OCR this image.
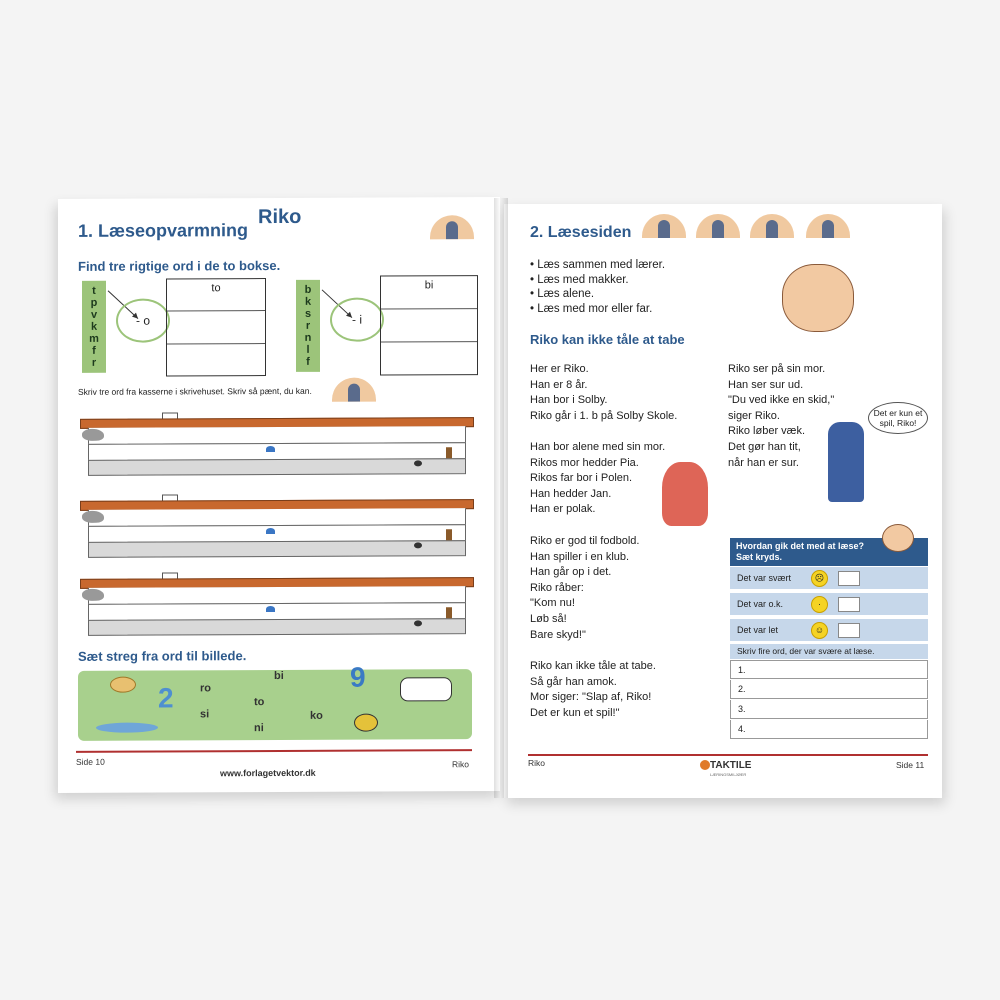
1. Læseopvarmning
Riko
Find tre rigtige ord i de to bokse.
t
p
v
k
m
f
r
- o
to	b
k
s
r
n
l
f
- i
bi
Skriv tre ord fra kasserne i skrivehuset. Skriv så pænt, du kan.
Sæt streg fra ord til billede.
2
9
ro
bi
to
si
ni
ko
Side 10
www.forlagetvektor.dk
Riko
2. Læsesiden
• Læs sammen med lærer.
• Læs med makker.
• Læs alene.
• Læs med mor eller far.
Riko kan ikke tåle at tabe
Her er Riko.
Han er 8 år.
Han bor i Solby.
Riko går i 1. b på Solby Skole.
Han bor alene med sin mor.
Rikos mor hedder Pia.
Rikos far bor i Polen.
Han hedder Jan.
Han er polak.
Riko er god til fodbold.
Han spiller i en klub.
Han går op i det.
Riko råber:
"Kom nu!
Løb så!
Bare skyd!"
Riko kan ikke tåle at tabe.
Så går han amok.
Mor siger: "Slap af, Riko!
Det er kun et spil!"
Riko ser på sin mor.
Han ser sur ud.
"Du ved ikke en skid,"
siger Riko.
Riko løber væk.
Det gør han tit,
når han er sur.
Det er kun et spil, Riko!
Hvordan gik det med at læse?
Sæt kryds.
Det var svært	☹
Det var o.k.	·
Det var let	☺
Skriv fire ord, der var svære at læse.
1.
2.
3.
4.
Riko	TAKTILE
LÆRINGSMILJØER
Side 11
